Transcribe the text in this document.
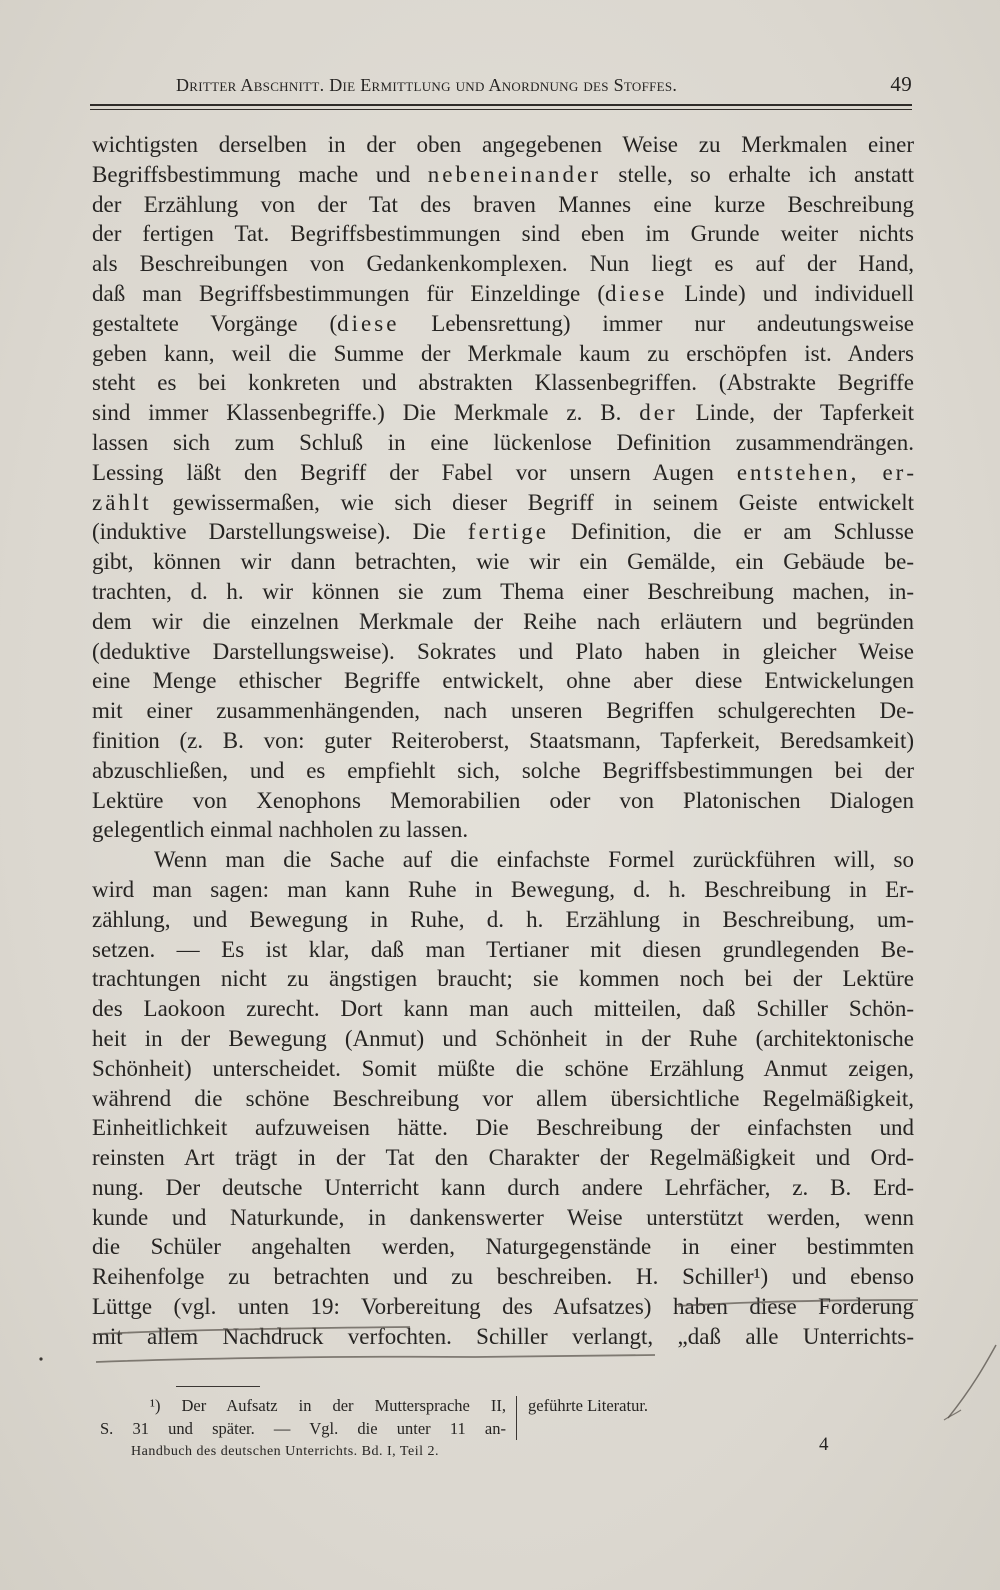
Dritter Abschnitt. Die Ermittlung und Anordnung des Stoffes.	49
wichtigsten derselben in der oben angegebenen Weise zu Merkmalen einer
Begriffsbestimmung mache und nebeneinander stelle, so erhalte ich anstatt
der Erzählung von der Tat des braven Mannes eine kurze Beschreibung
der fertigen Tat. Begriffsbestimmungen sind eben im Grunde weiter nichts
als Beschreibungen von Gedankenkomplexen. Nun liegt es auf der Hand,
daß man Begriffsbestimmungen für Einzeldinge (diese Linde) und individuell
gestaltete Vorgänge (diese Lebensrettung) immer nur andeutungsweise
geben kann, weil die Summe der Merkmale kaum zu erschöpfen ist. Anders
steht es bei konkreten und abstrakten Klassenbegriffen. (Abstrakte Begriffe
sind immer Klassenbegriffe.) Die Merkmale z. B. der Linde, der Tapferkeit
lassen sich zum Schluß in eine lückenlose Definition zusammendrängen.
Lessing läßt den Begriff der Fabel vor unsern Augen entstehen, er-
zählt gewissermaßen, wie sich dieser Begriff in seinem Geiste entwickelt
(induktive Darstellungsweise). Die fertige Definition, die er am Schlusse
gibt, können wir dann betrachten, wie wir ein Gemälde, ein Gebäude be-
trachten, d. h. wir können sie zum Thema einer Beschreibung machen, in-
dem wir die einzelnen Merkmale der Reihe nach erläutern und begründen
(deduktive Darstellungsweise). Sokrates und Plato haben in gleicher Weise
eine Menge ethischer Begriffe entwickelt, ohne aber diese Entwickelungen
mit einer zusammenhängenden, nach unseren Begriffen schulgerechten De-
finition (z. B. von: guter Reiteroberst, Staatsmann, Tapferkeit, Beredsamkeit)
abzuschließen, und es empfiehlt sich, solche Begriffsbestimmungen bei der
Lektüre von Xenophons Memorabilien oder von Platonischen Dialogen
gelegentlich einmal nachholen zu lassen.
Wenn man die Sache auf die einfachste Formel zurückführen will, so
wird man sagen: man kann Ruhe in Bewegung, d. h. Beschreibung in Er-
zählung, und Bewegung in Ruhe, d. h. Erzählung in Beschreibung, um-
setzen. — Es ist klar, daß man Tertianer mit diesen grundlegenden Be-
trachtungen nicht zu ängstigen braucht; sie kommen noch bei der Lektüre
des Laokoon zurecht. Dort kann man auch mitteilen, daß Schiller Schön-
heit in der Bewegung (Anmut) und Schönheit in der Ruhe (architektonische
Schönheit) unterscheidet. Somit müßte die schöne Erzählung Anmut zeigen,
während die schöne Beschreibung vor allem übersichtliche Regelmäßigkeit,
Einheitlichkeit aufzuweisen hätte. Die Beschreibung der einfachsten und
reinsten Art trägt in der Tat den Charakter der Regelmäßigkeit und Ord-
nung. Der deutsche Unterricht kann durch andere Lehrfächer, z. B. Erd-
kunde und Naturkunde, in dankenswerter Weise unterstützt werden, wenn
die Schüler angehalten werden, Naturgegenstände in einer bestimmten
Reihenfolge zu betrachten und zu beschreiben. H. Schiller¹) und ebenso
Lüttge (vgl. unten 19: Vorbereitung des Aufsatzes) haben diese Forderung
mit allem Nachdruck verfochten. Schiller verlangt, „daß alle Unterrichts-
¹) Der Aufsatz in der Muttersprache II,
S. 31 und später. — Vgl. die unter 11 an-
geführte Literatur.
Handbuch des deutschen Unterrichts. Bd. I, Teil 2.	4
